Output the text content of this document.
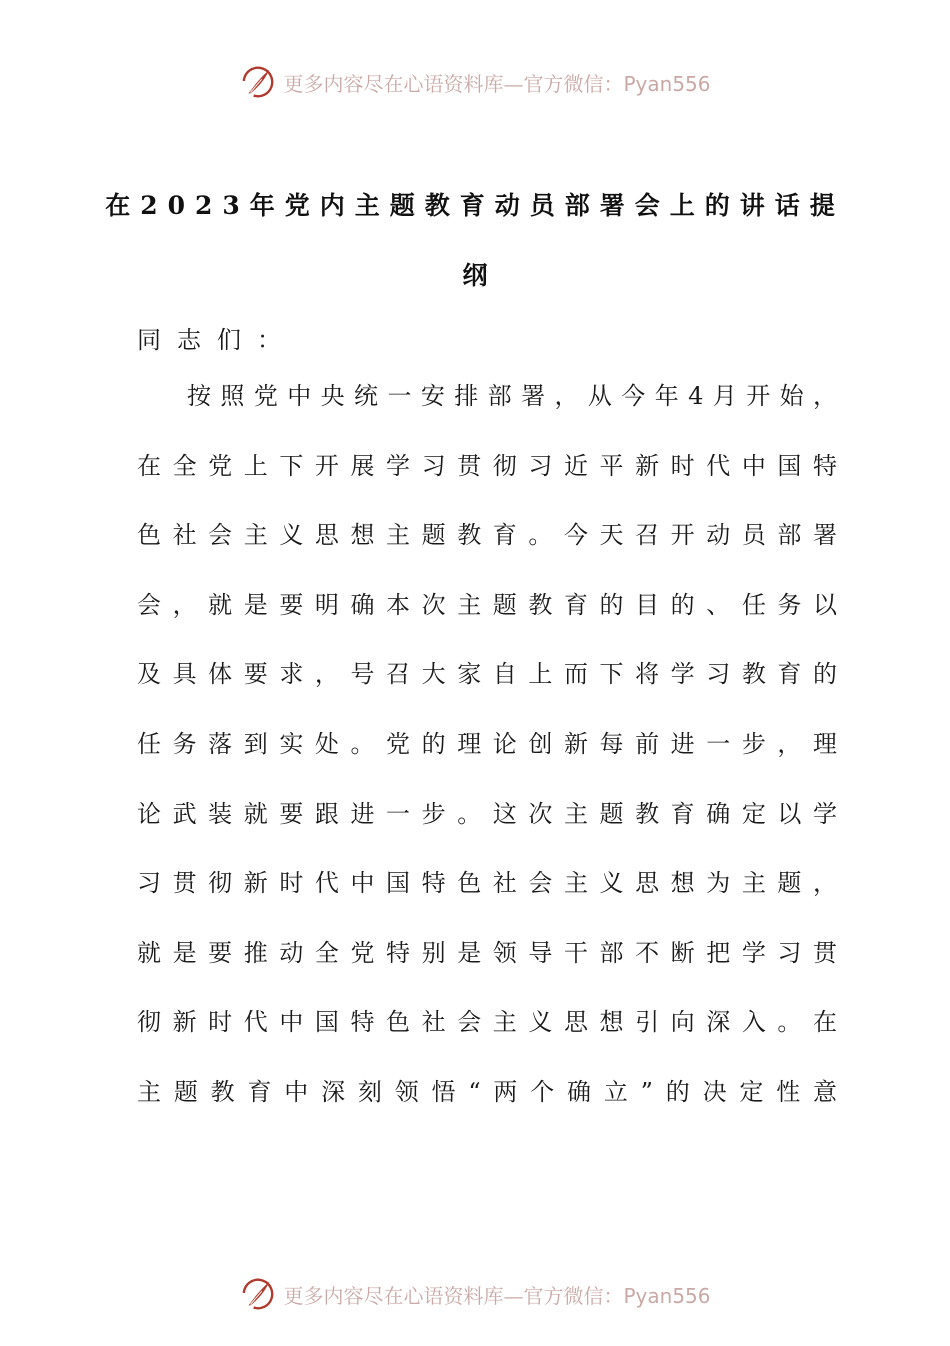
更多内容尽在心语资料库—官方微信：Pyan556
在2023年党内主题教育动员部署会上的讲话提
纲
同志们：
按 照 党 中 央 统 一 安 排 部 署 ， 从 今 年 4 月 开 始 ，
在 全 党 上 下 开 展 学 习 贯 彻 习 近 平 新 时 代 中 国 特
色 社 会 主 义 思 想 主 题 教 育 。 今 天 召 开 动 员 部 署
会 ， 就 是 要 明 确 本 次 主 题 教 育 的 目 的 、 任 务 以
及 具 体 要 求 ， 号 召 大 家 自 上 而 下 将 学 习 教 育 的
任 务 落 到 实 处 。 党 的 理 论 创 新 每 前 进 一 步 ， 理
论 武 装 就 要 跟 进 一 步 。 这 次 主 题 教 育 确 定 以 学
习 贯 彻 新 时 代 中 国 特 色 社 会 主 义 思 想 为 主 题 ，
就 是 要 推 动 全 党 特 别 是 领 导 干 部 不 断 把 学 习 贯
彻 新 时 代 中 国 特 色 社 会 主 义 思 想 引 向 深 入 。 在
主 题 教 育 中 深 刻 领 悟 “ 两 个 确 立 ” 的 决 定 性 意
更多内容尽在心语资料库—官方微信：Pyan556
